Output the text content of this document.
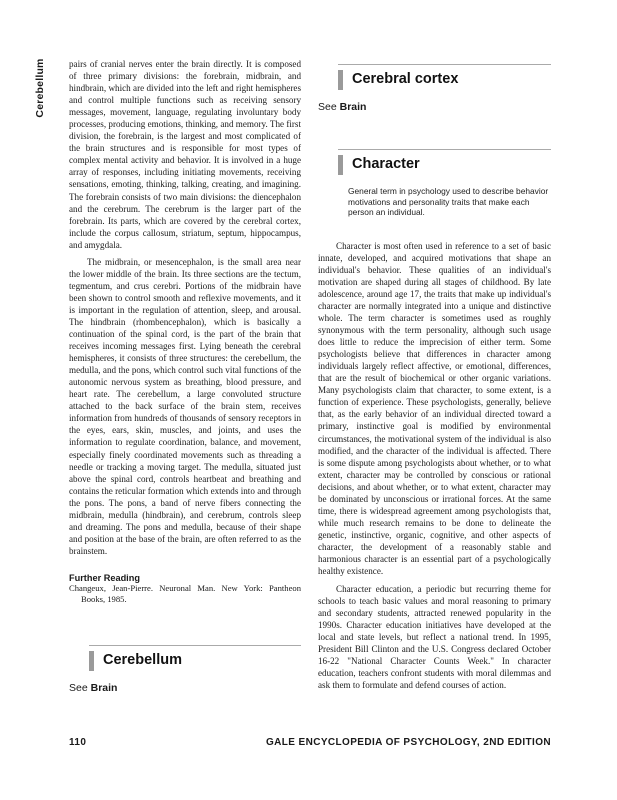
Cerebellum	pairs of cranial nerves enter the brain directly. It is composed of three primary divisions: the forebrain, midbrain, and hindbrain, which are divided into the left and right hemispheres and control multiple functions such as receiving sensory messages, movement, language, regulating involuntary body processes, producing emotions, thinking, and memory. The first division, the forebrain, is the largest and most complicated of the brain structures and is responsible for most types of complex mental activity and behavior. It is involved in a huge array of responses, including initiating movements, receiving sensations, emoting, thinking, talking, creating, and imagining. The forebrain consists of two main divisions: the diencephalon and the cerebrum. The cerebrum is the larger part of the forebrain. Its parts, which are covered by the cerebral cortex, include the corpus callosum, striatum, septum, hippocampus, and amygdala.

The midbrain, or mesencephalon, is the small area near the lower middle of the brain. Its three sections are the tectum, tegmentum, and crus cerebri. Portions of the midbrain have been shown to control smooth and reflexive movements, and it is important in the regulation of attention, sleep, and arousal. The hindbrain (rhombencephalon), which is basically a continuation of the spinal cord, is the part of the brain that receives incoming messages first. Lying beneath the cerebral hemispheres, it consists of three structures: the cerebellum, the medulla, and the pons, which control such vital functions of the autonomic nervous system as breathing, blood pressure, and heart rate. The cerebellum, a large convoluted structure attached to the back surface of the brain stem, receives information from hundreds of thousands of sensory receptors in the eyes, ears, skin, muscles, and joints, and uses the information to regulate coordination, balance, and movement, especially finely coordinated movements such as threading a needle or tracking a moving target. The medulla, situated just above the spinal cord, controls heartbeat and breathing and contains the reticular formation which extends into and through the pons. The pons, a band of nerve fibers connecting the midbrain, medulla (hindbrain), and cerebrum, controls sleep and dreaming. The pons and medulla, because of their shape and position at the base of the brain, are often referred to as the brainstem.

Further Reading

Changeux, Jean-Pierre. Neuronal Man. New York: Pantheon Books, 1985.

Cerebellum
See Brain
Cerebral cortex
See Brain
Character
General term in psychology used to describe behavior motivations and personality traits that make each person an individual.

Character is most often used in reference to a set of basic innate, developed, and acquired motivations that shape an individual's behavior. These qualities of an individual's motivation are shaped during all stages of childhood. By late adolescence, around age 17, the traits that make up individual's character are normally integrated into a unique and distinctive whole. The term character is sometimes used as roughly synonymous with the term personality, although such usage does little to reduce the imprecision of either term. Some psychologists believe that differences in character among individuals largely reflect affective, or emotional, differences, that are the result of biochemical or other organic variations. Many psychologists claim that character, to some extent, is a function of experience. These psychologists, generally, believe that, as the early behavior of an individual directed toward a primary, instinctive goal is modified by environmental circumstances, the motivational system of the individual is also modified, and the character of the individual is affected. There is some dispute among psychologists about whether, or to what extent, character may be controlled by conscious or rational decisions, and about whether, or to what extent, character may be dominated by unconscious or irrational forces. At the same time, there is widespread agreement among psychologists that, while much research remains to be done to delineate the genetic, instinctive, organic, cognitive, and other aspects of character, the development of a reasonably stable and harmonious character is an essential part of a psychologically healthy existence.

Character education, a periodic but recurring theme for schools to teach basic values and moral reasoning to primary and secondary students, attracted renewed popularity in the 1990s. Character education initiatives have developed at the local and state levels, but reflect a national trend. In 1995, President Bill Clinton and the U.S. Congress declared October 16-22 "National Character Counts Week." In character education, teachers confront students with moral dilemmas and ask them to formulate and defend courses of action.

110	GALE ENCYCLOPEDIA OF PSYCHOLOGY, 2ND EDITION
